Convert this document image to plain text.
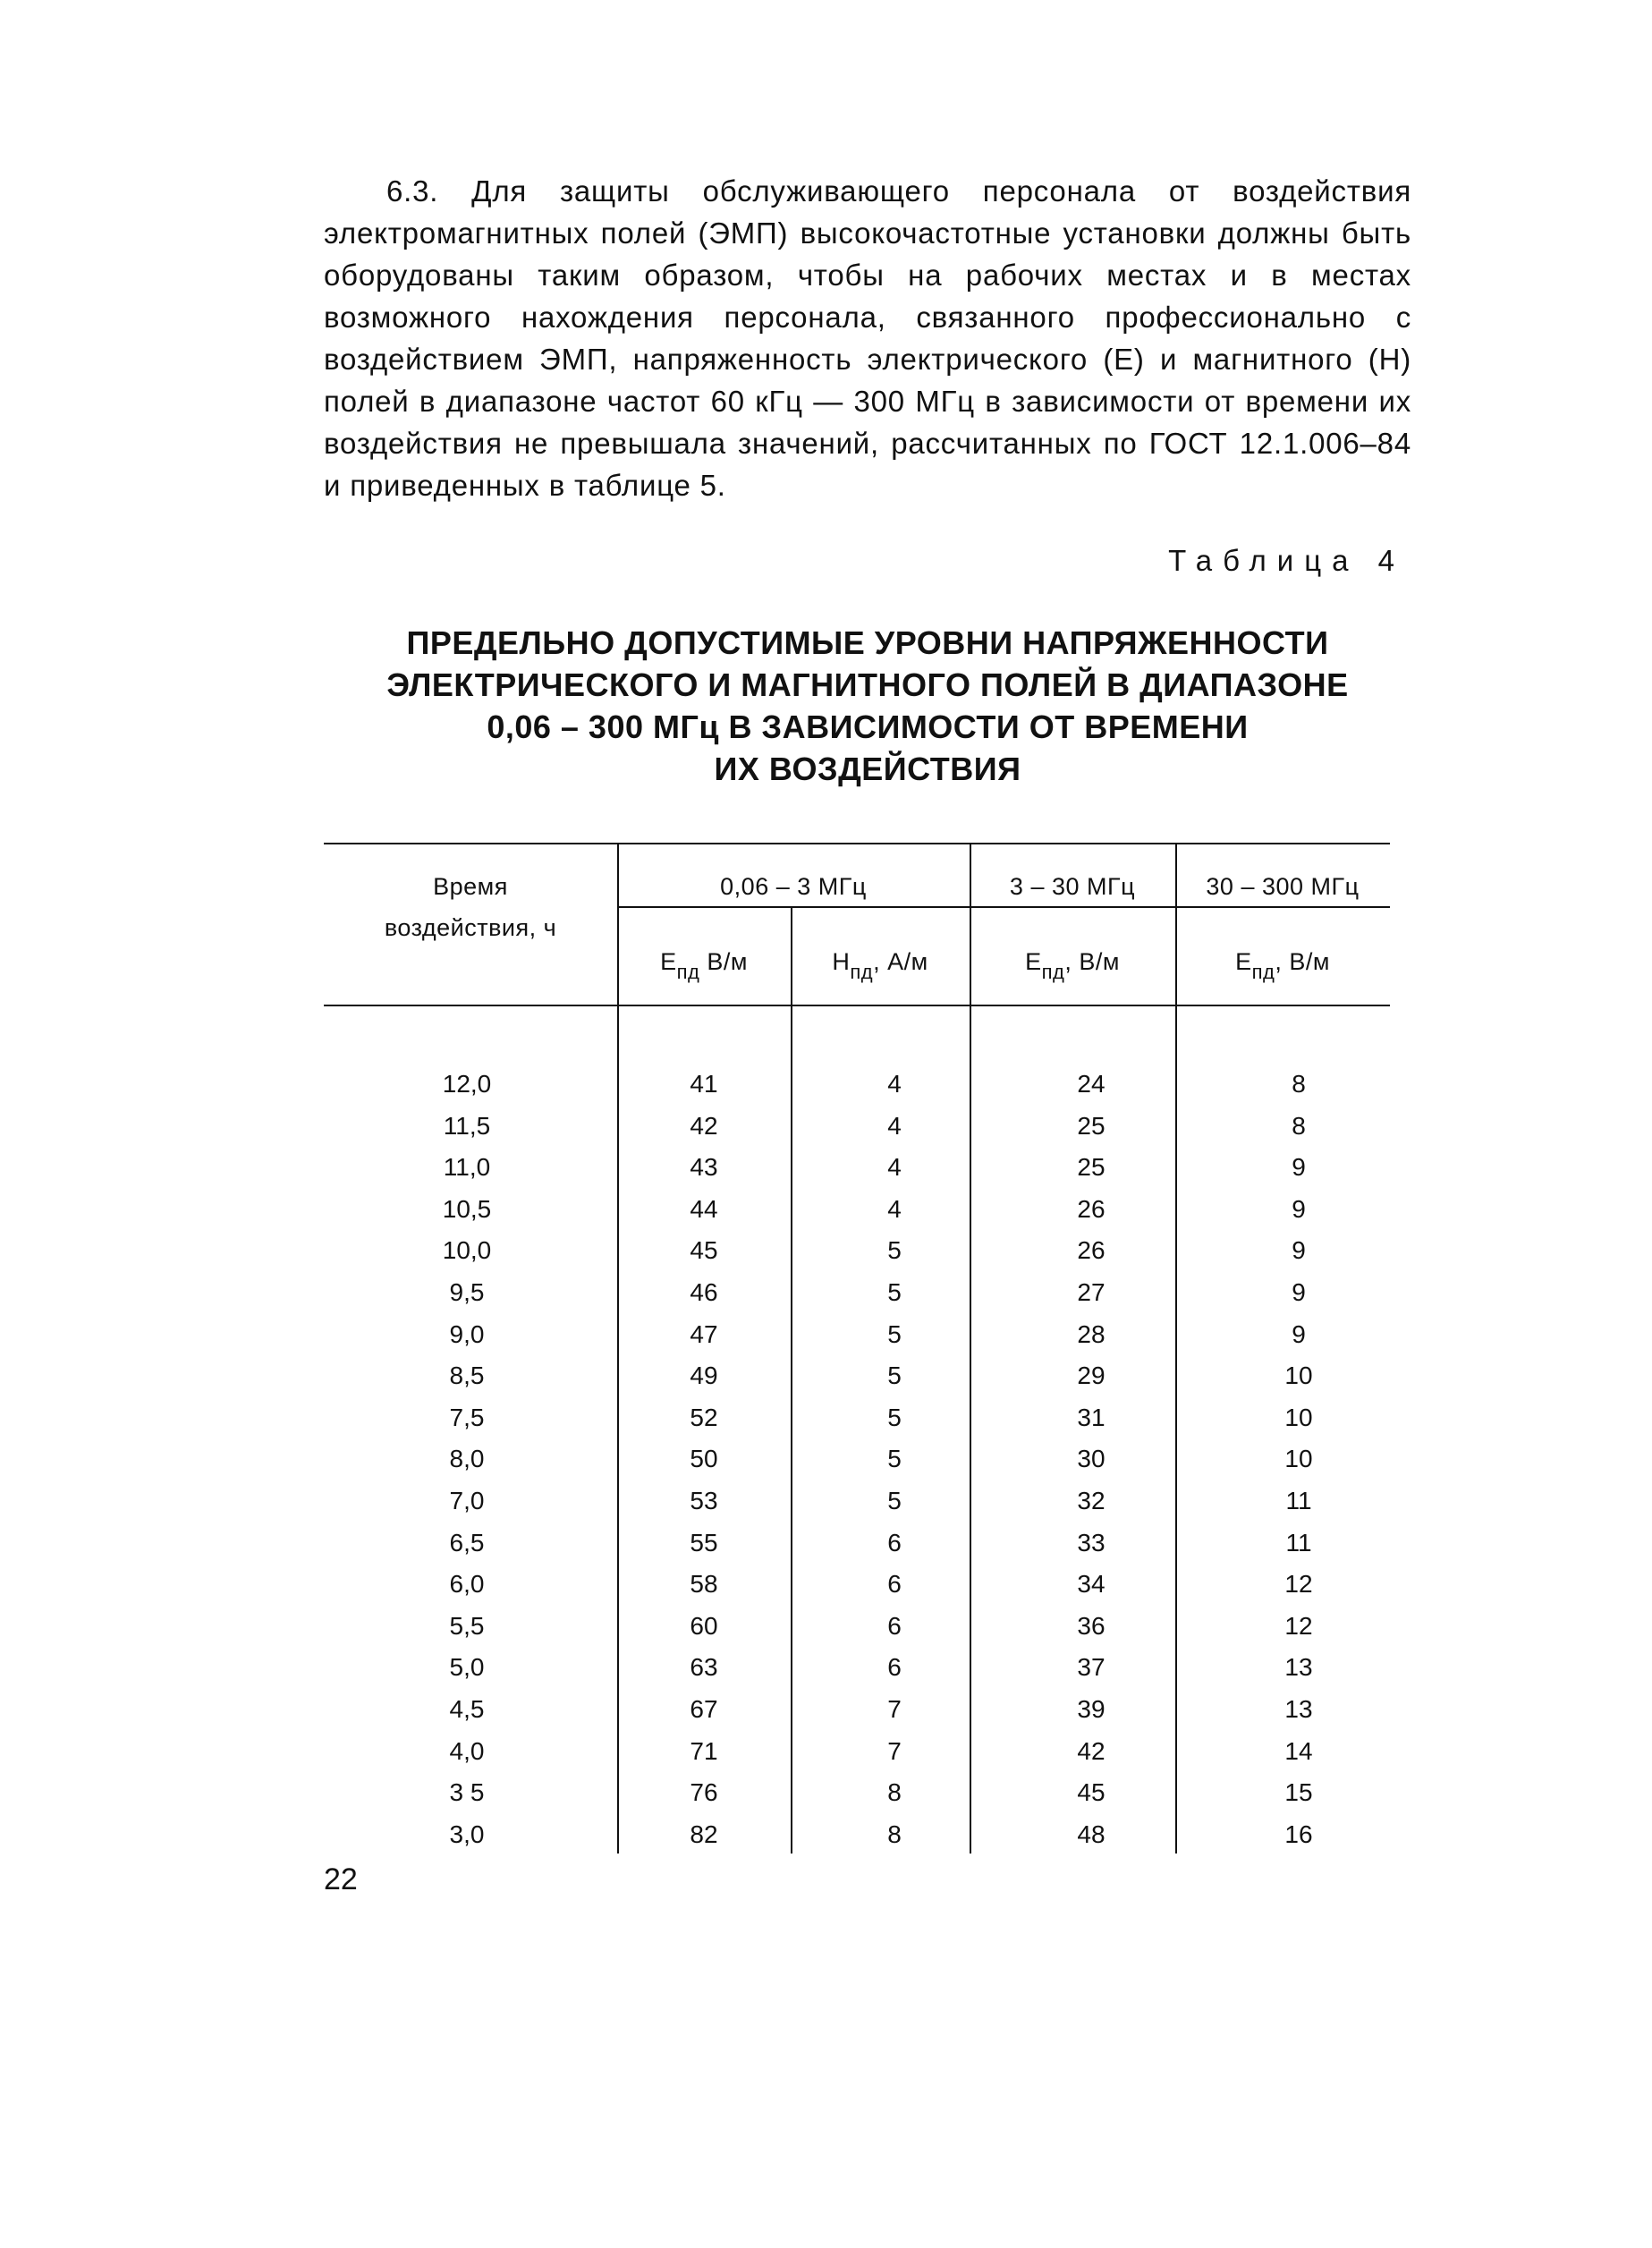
6.3. Для защиты обслуживающего персонала от воздействия электромагнитных полей (ЭМП) высокочастотные установки должны быть оборудованы таким образом, чтобы на рабочих местах и в местах возможного нахождения персонала, связанного профессионально с воздействием ЭМП, напряженность электрического (E) и магнитного (H) полей в диапазоне частот 60 кГц — 300 МГц в зависимости от времени их воздействия не превышала значений, рассчитанных по ГОСТ 12.1.006–84 и приведенных в таблице 5.
Таблица 4
ПРЕДЕЛЬНО ДОПУСТИМЫЕ УРОВНИ НАПРЯЖЕННОСТИ
ЭЛЕКТРИЧЕСКОГО И МАГНИТНОГО ПОЛЕЙ В ДИАПАЗОНЕ
0,06 – 300 МГц В ЗАВИСИМОСТИ ОТ ВРЕМЕНИ
ИХ ВОЗДЕЙСТВИЯ
Время
воздействия, ч
0,06 – 3 МГц	3 – 30 МГц	30 – 300 МГц
$E_{пд}$ В/м	$H_{пд}$, А/м	$E_{пд}$, В/м	$E_{пд}$, В/м
12,0	41	4	24	8
11,5	42	4	25	8
11,0	43	4	25	9
10,5	44	4	26	9
10,0	45	5	26	9
9,5	46	5	27	9
9,0	47	5	28	9
8,5	49	5	29	10
7,5	52	5	31	10
8,0	50	5	30	10
7,0	53	5	32	11
6,5	55	6	33	11
6,0	58	6	34	12
5,5	60	6	36	12
5,0	63	6	37	13
4,5	67	7	39	13
4,0	71	7	42	14
3 5	76	8	45	15
3,0	82	8	48	16
22
